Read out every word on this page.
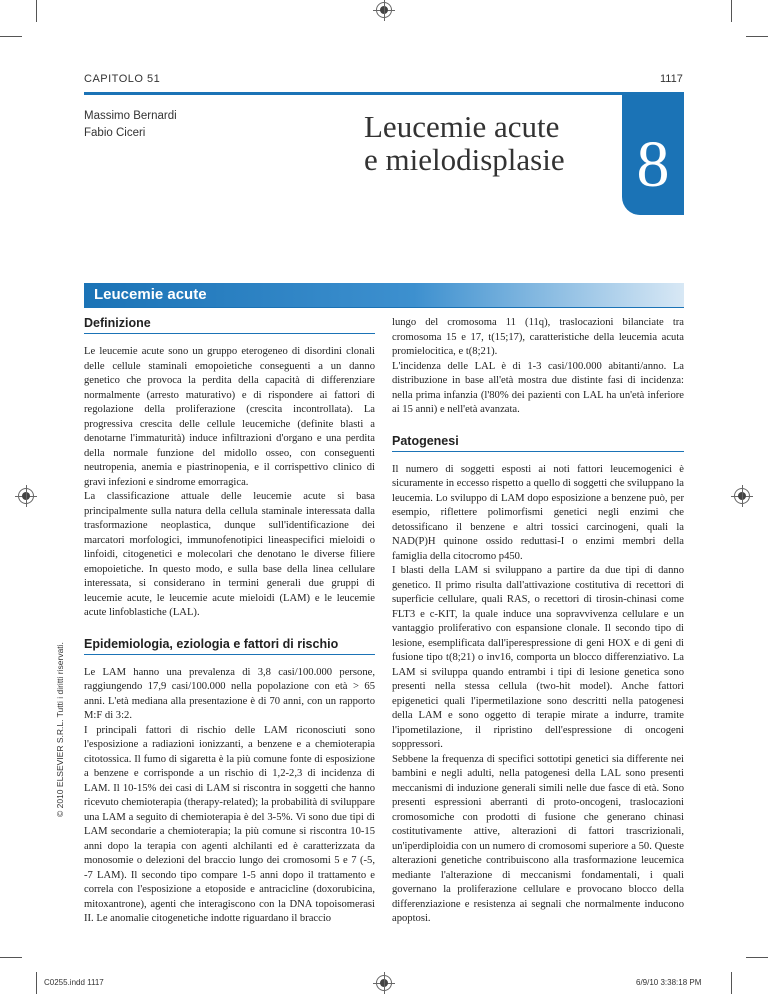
CAPITOLO 51	1117
Massimo Bernardi
Fabio Ciceri	Leucemie acute
e mielodisplasie 8
Leucemie acute
Definizione

Le leucemie acute sono un gruppo eterogeneo di disordini clonali delle cellule staminali emopoietiche conseguenti a un danno genetico che provoca la perdita della capacità di differenziare normalmente (arresto maturativo) e di rispondere ai fattori di regolazione della proliferazione (crescita incontrollata). La progressiva crescita delle cellule leucemiche (definite blasti a denotarne l'immaturità) induce infiltrazioni d'organo e una perdita della normale funzione del midollo osseo, con conseguenti neutropenia, anemia e piastrinopenia, e il corrispettivo clinico di gravi infezioni e sindrome emorragica.

La classificazione attuale delle leucemie acute si basa principalmente sulla natura della cellula staminale interessata dalla trasformazione neoplastica, dunque sull'identificazione dei marcatori morfologici, immunofenotipici lineaspecifici mieloidi o linfoidi, citogenetici e molecolari che denotano le diverse filiere emopoietiche. In questo modo, e sulla base della linea cellulare interessata, si considerano in termini generali due gruppi di leucemie acute, le leucemie acute mieloidi (LAM) e le leucemie acute linfoblastiche (LAL).

Epidemiologia, eziologia e fattori di rischio

Le LAM hanno una prevalenza di 3,8 casi/100.000 persone, raggiungendo 17,9 casi/100.000 nella popolazione con età > 65 anni. L'età mediana alla presentazione è di 70 anni, con un rapporto M:F di 3:2.

I principali fattori di rischio delle LAM riconosciuti sono l'esposizione a radiazioni ionizzanti, a benzene e a chemioterapia citotossica. Il fumo di sigaretta è la più comune fonte di esposizione a benzene e corrisponde a un rischio di 1,2-2,3 di incidenza di LAM. Il 10-15% dei casi di LAM si riscontra in soggetti che hanno ricevuto chemioterapia (therapy-related); la probabilità di sviluppare una LAM a seguito di chemioterapia è del 3-5%. Vi sono due tipi di LAM secondarie a chemioterapia; la più comune si riscontra 10-15 anni dopo la terapia con agenti alchilanti ed è caratterizzata da monosomie o delezioni del braccio lungo dei cromosomi 5 e 7 (-5, -7 LAM). Il secondo tipo compare 1-5 anni dopo il trattamento e correla con l'esposizione a etoposide e antracicline (doxorubicina, mitoxantrone), agenti che interagiscono con la DNA topoisomerasi II. Le anomalie citogenetiche indotte riguardano il braccio

lungo del cromosoma 11 (11q), traslocazioni bilanciate tra cromosoma 15 e 17, t(15;17), caratteristiche della leucemia acuta promielocitica, e t(8;21).

L'incidenza delle LAL è di 1-3 casi/100.000 abitanti/anno. La distribuzione in base all'età mostra due distinte fasi di incidenza: nella prima infanzia (l'80% dei pazienti con LAL ha un'età inferiore ai 15 anni) e nell'età avanzata.

Patogenesi

Il numero di soggetti esposti ai noti fattori leucemogenici è sicuramente in eccesso rispetto a quello di soggetti che sviluppano la leucemia. Lo sviluppo di LAM dopo esposizione a benzene può, per esempio, riflettere polimorfismi genetici negli enzimi che detossificano il benzene e altri tossici carcinogeni, quali la NAD(P)H quinone ossido reduttasi-I o enzimi membri della famiglia della citocromo p450.

I blasti della LAM si sviluppano a partire da due tipi di danno genetico. Il primo risulta dall'attivazione costitutiva di recettori di superficie cellulare, quali RAS, o recettori di tirosin-chinasi come FLT3 e c-KIT, la quale induce una sopravvivenza cellulare e un vantaggio proliferativo con espansione clonale. Il secondo tipo di lesione, esemplificata dall'iperespressione di geni HOX e di geni di fusione tipo t(8;21) o inv16, comporta un blocco differenziativo. La LAM si sviluppa quando entrambi i tipi di lesione genetica sono presenti nella stessa cellula (two-hit model). Anche fattori epigenetici quali l'ipermetilazione sono descritti nella patogenesi della LAM e sono oggetto di terapie mirate a indurre, tramite l'ipometilazione, il ripristino dell'espressione di oncogeni soppressori.

Sebbene la frequenza di specifici sottotipi genetici sia differente nei bambini e negli adulti, nella patogenesi della LAL sono presenti meccanismi di induzione generali simili nelle due fasce di età. Sono presenti espressioni aberranti di proto-oncogeni, traslocazioni cromosomiche con prodotti di fusione che generano chinasi costitutivamente attive, alterazioni di fattori trascrizionali, un'iperdiploidia con un numero di cromosomi superiore a 50. Queste alterazioni genetiche contribuiscono alla trasformazione leucemica mediante l'alterazione di meccanismi fondamentali, i quali governano la proliferazione cellulare e provocano blocco della differenziazione e resistenza ai segnali che normalmente inducono apoptosi.

© 2010 ELSEVIER S.R.L. Tutti i diritti riservati.
C0255.indd 1117	6/9/10 3:38:18 PM
